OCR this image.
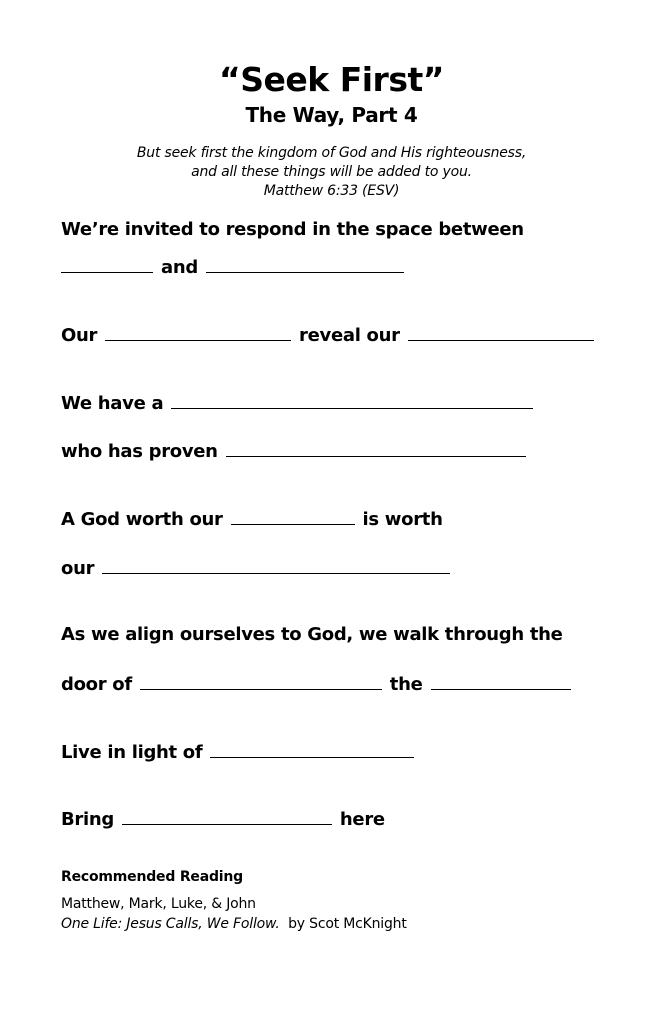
“Seek First”
The Way, Part 4
But seek first the kingdom of God and His righteousness,
and all these things will be added to you.
Matthew 6:33 (ESV)
We’re invited to respond in the space between
and
Our	reveal our
We have a
who has proven
A God worth our	is worth
our
As we align ourselves to God, we walk through the
door of	the
Live in light of
Bring	here
Recommended Reading
Matthew, Mark, Luke, & John
One Life: Jesus Calls, We Follow.  by Scot McKnight
